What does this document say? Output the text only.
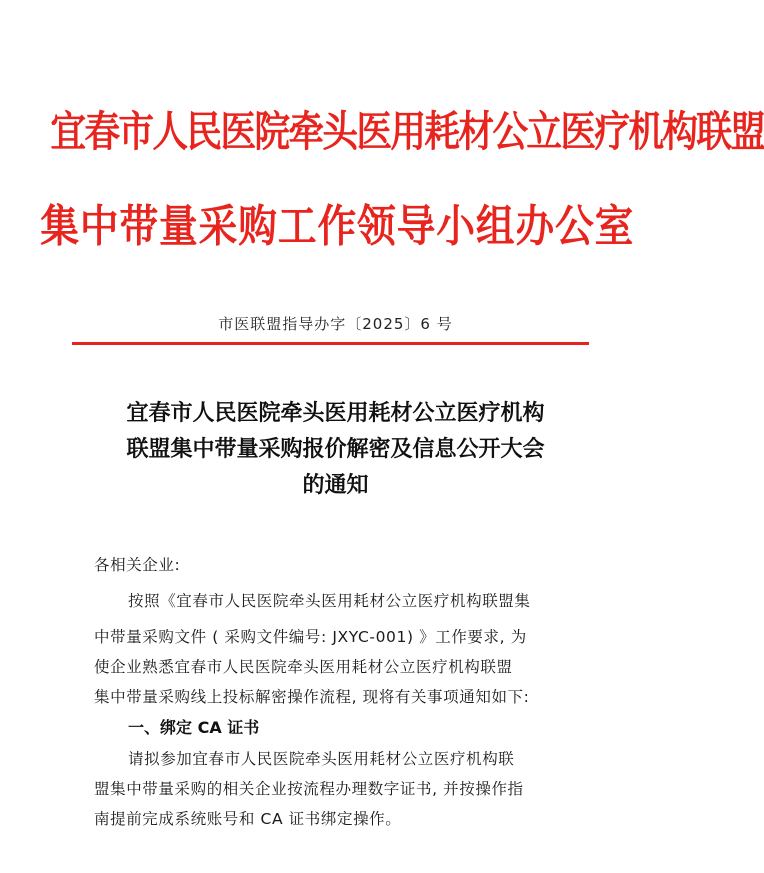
宜春市人民医院牵头医用耗材公立医疗机构联盟
集中带量采购工作领导小组办公室
市医联盟指导办字〔2025〕6 号
宜春市人民医院牵头医用耗材公立医疗机构
联盟集中带量采购报价解密及信息公开大会
的通知
各相关企业:
按照《宜春市人民医院牵头医用耗材公立医疗机构联盟集
中带量采购文件 ( 采购文件编号: JXYC-001) 》工作要求, 为
使企业熟悉宜春市人民医院牵头医用耗材公立医疗机构联盟
集中带量采购线上投标解密操作流程, 现将有关事项通知如下:
一、绑定 CA 证书
请拟参加宜春市人民医院牵头医用耗材公立医疗机构联
盟集中带量采购的相关企业按流程办理数字证书, 并按操作指
南提前完成系统账号和 CA 证书绑定操作。
